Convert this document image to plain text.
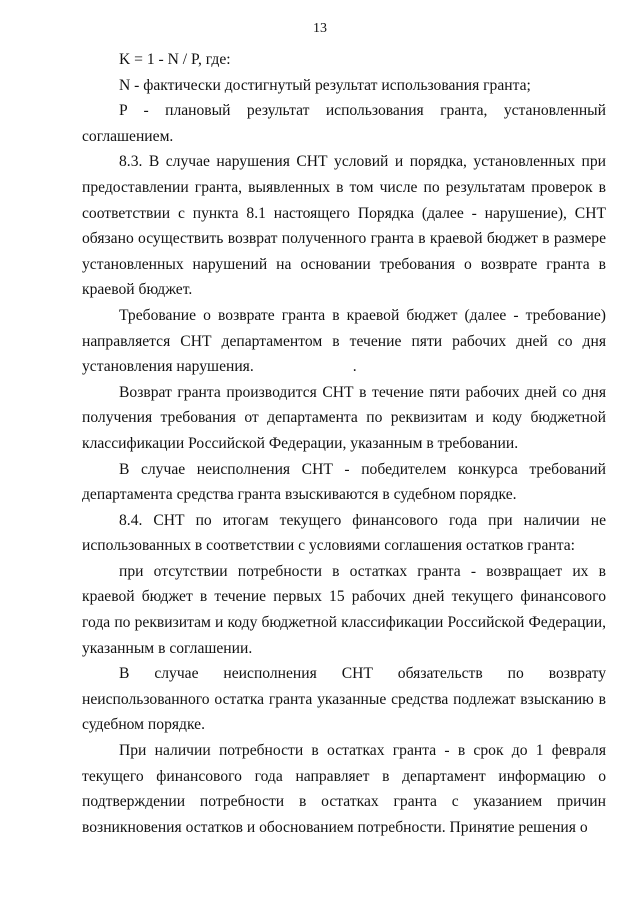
13

K = 1 - N / P, где:

N - фактически достигнутый результат использования гранта;

P - плановый результат использования гранта, установленный соглашением.

8.3. В случае нарушения СНТ условий и порядка, установленных при предоставлении гранта, выявленных в том числе по результатам проверок в соответствии с пункта 8.1 настоящего Порядка (далее - нарушение), СНТ обязано осуществить возврат полученного гранта в краевой бюджет в размере установленных нарушений на основании требования о возврате гранта в краевой бюджет.

Требование о возврате гранта в краевой бюджет (далее - требование) направляется СНТ департаментом в течение пяти рабочих дней со дня установления нарушения.	.

Возврат гранта производится СНТ в течение пяти рабочих дней со дня получения требования от департамента по реквизитам и коду бюджетной классификации Российской Федерации, указанным в требовании.

В случае неисполнения СНТ - победителем конкурса требований департамента средства гранта взыскиваются в судебном порядке.

8.4. СНТ по итогам текущего финансового года при наличии не использованных в соответствии с условиями соглашения остатков гранта:

при отсутствии потребности в остатках гранта - возвращает их в краевой бюджет в течение первых 15 рабочих дней текущего финансового года по реквизитам и коду бюджетной классификации Российской Федерации, указанным в соглашении.

В случае неисполнения СНТ обязательств по возврату неиспользованного остатка гранта указанные средства подлежат взысканию в судебном порядке.

При наличии потребности в остатках гранта - в срок до 1 февраля текущего финансового года направляет в департамент информацию о подтверждении потребности в остатках гранта с указанием причин возникновения остатков и обоснованием потребности. Принятие решения о
